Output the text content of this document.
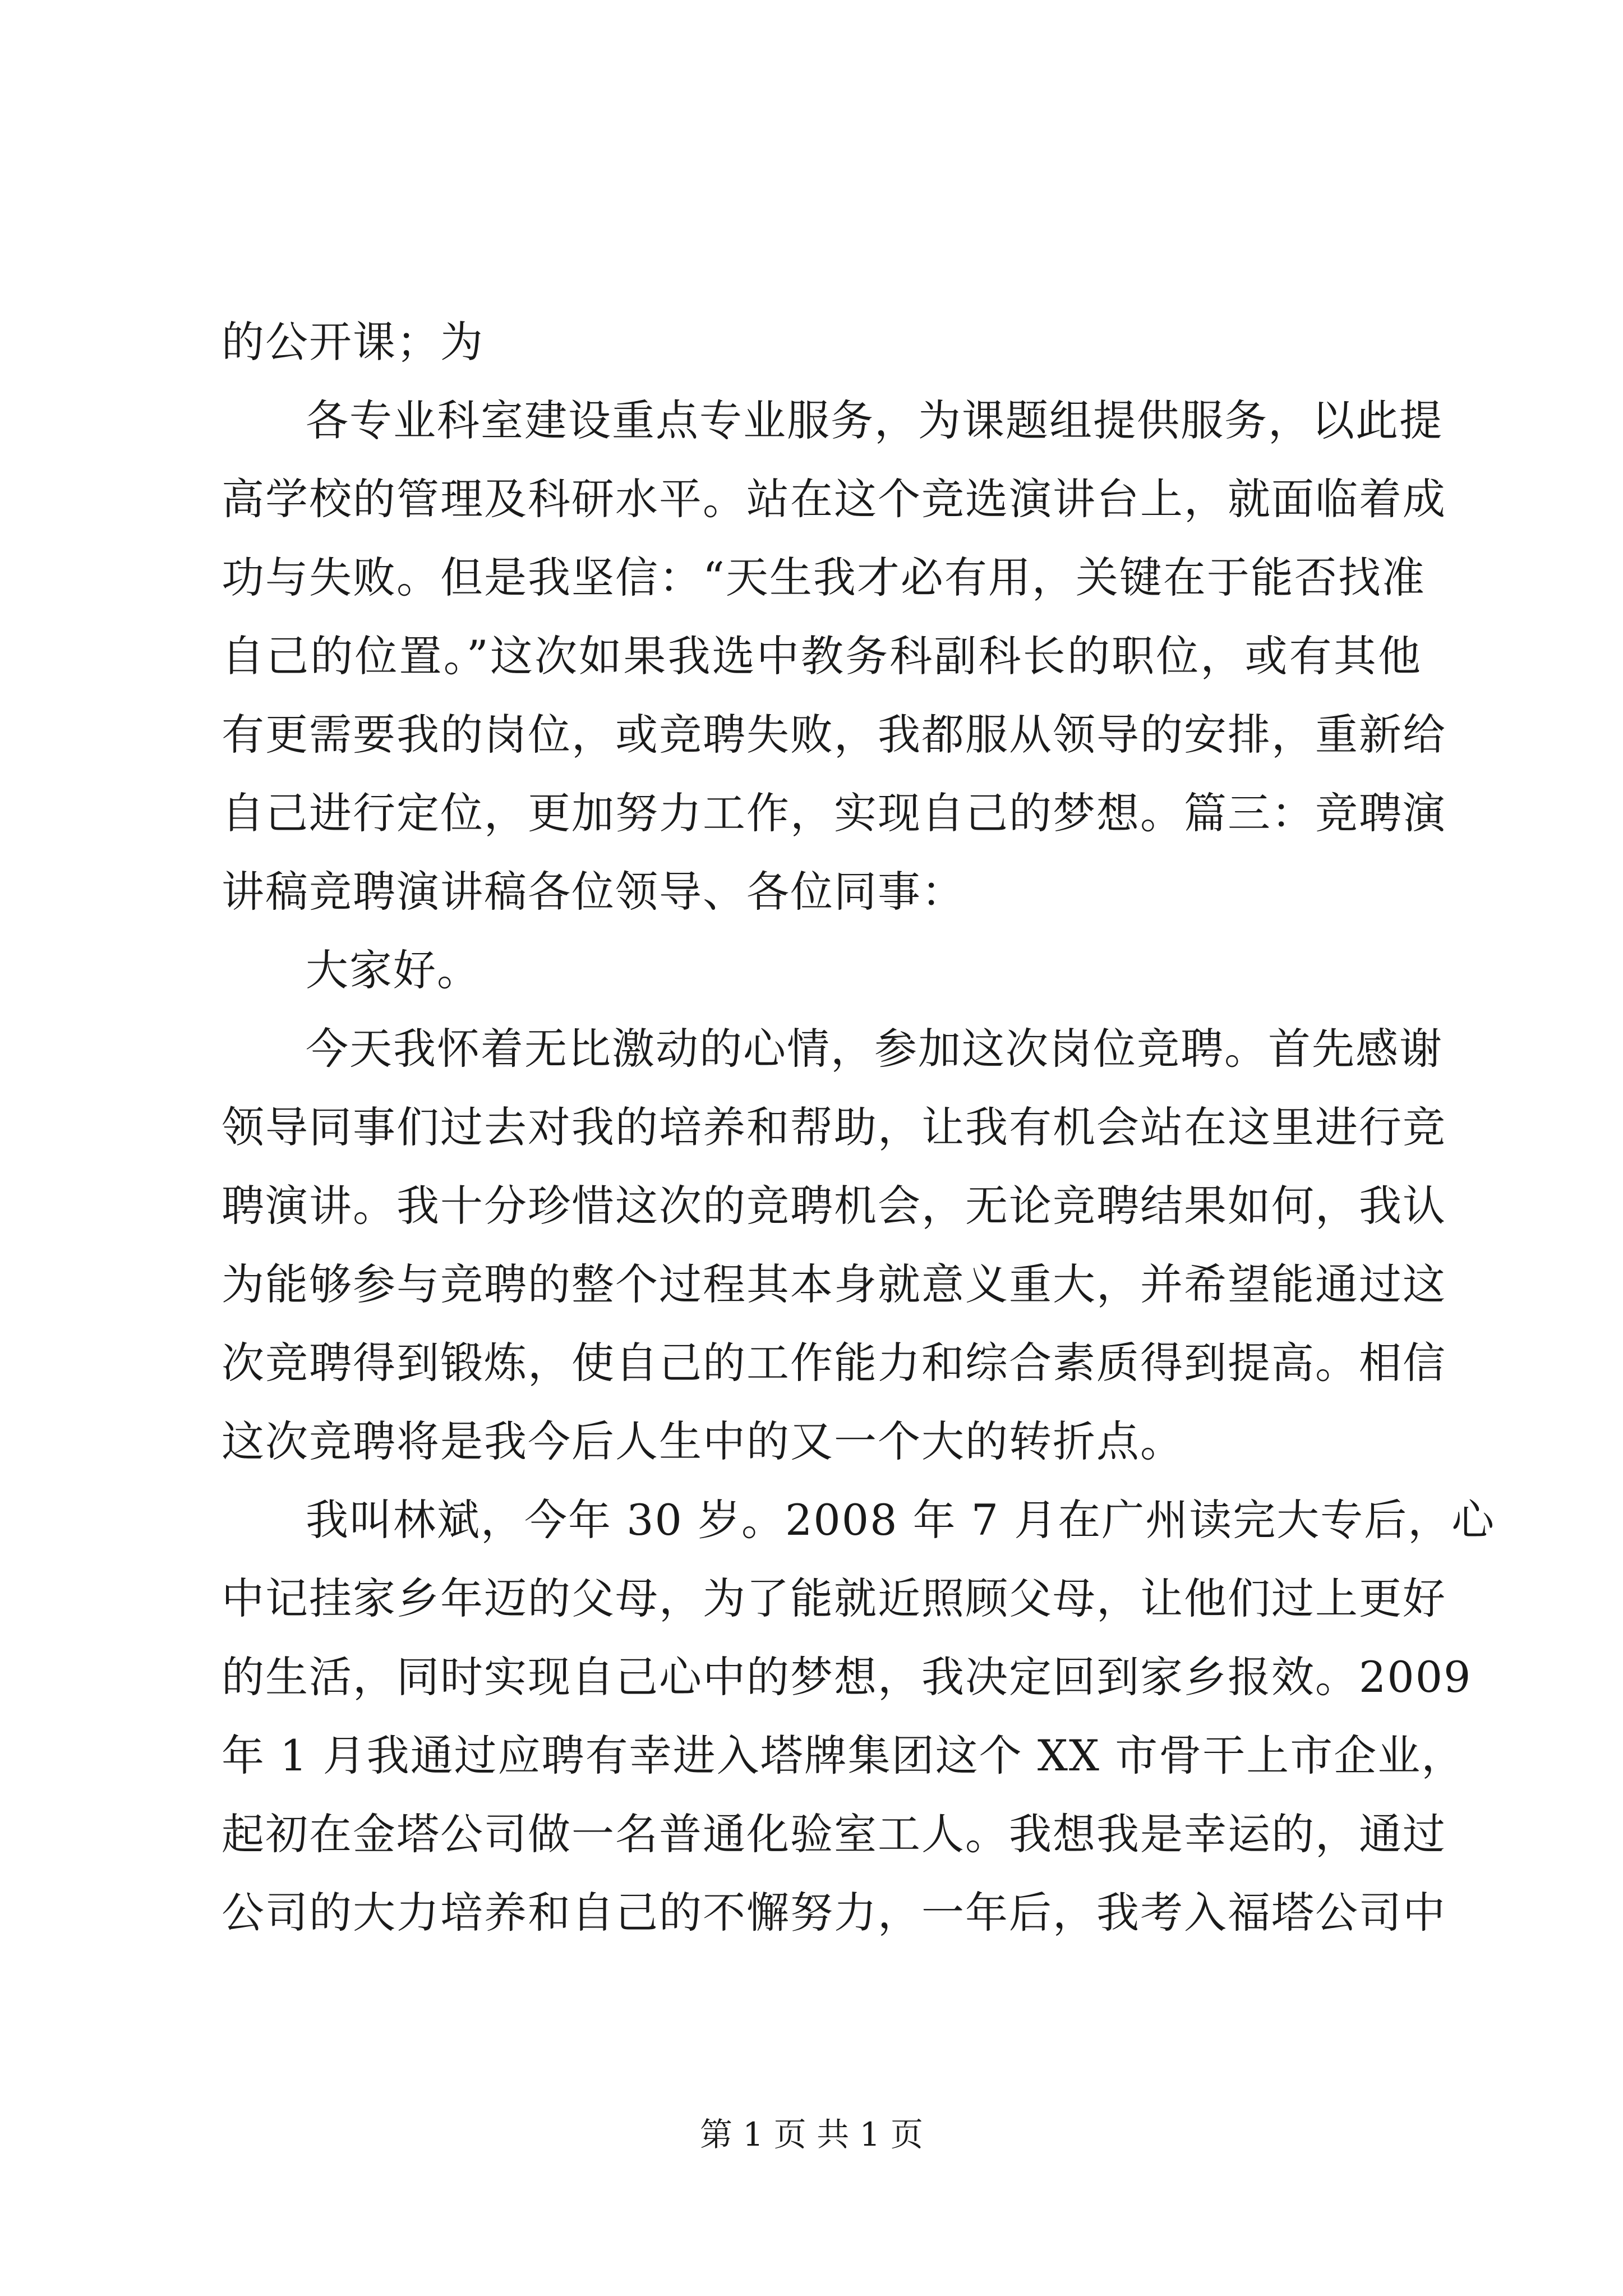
的公开课；为
各专业科室建设重点专业服务，为课题组提供服务，以此提
高学校的管理及科研水平。站在这个竞选演讲台上，就面临着成
功与失败。但是我坚信：“天生我才必有用，关键在于能否找准
自己的位置。”这次如果我选中教务科副科长的职位，或有其他
有更需要我的岗位，或竞聘失败，我都服从领导的安排，重新给
自己进行定位，更加努力工作，实现自己的梦想。篇三：竞聘演
讲稿竞聘演讲稿各位领导、各位同事：
大家好。
今天我怀着无比激动的心情，参加这次岗位竞聘。首先感谢
领导同事们过去对我的培养和帮助，让我有机会站在这里进行竞
聘演讲。我十分珍惜这次的竞聘机会，无论竞聘结果如何，我认
为能够参与竞聘的整个过程其本身就意义重大，并希望能通过这
次竞聘得到锻炼，使自己的工作能力和综合素质得到提高。相信
这次竞聘将是我今后人生中的又一个大的转折点。
我叫林斌，今年 30 岁。2008 年 7 月在广州读完大专后，心
中记挂家乡年迈的父母，为了能就近照顾父母，让他们过上更好
的生活，同时实现自己心中的梦想，我决定回到家乡报效。2009
年 1 月我通过应聘有幸进入塔牌集团这个 XX 市骨干上市企业，
起初在金塔公司做一名普通化验室工人。我想我是幸运的，通过
公司的大力培养和自己的不懈努力，一年后，我考入福塔公司中
第 1 页 共 1 页
